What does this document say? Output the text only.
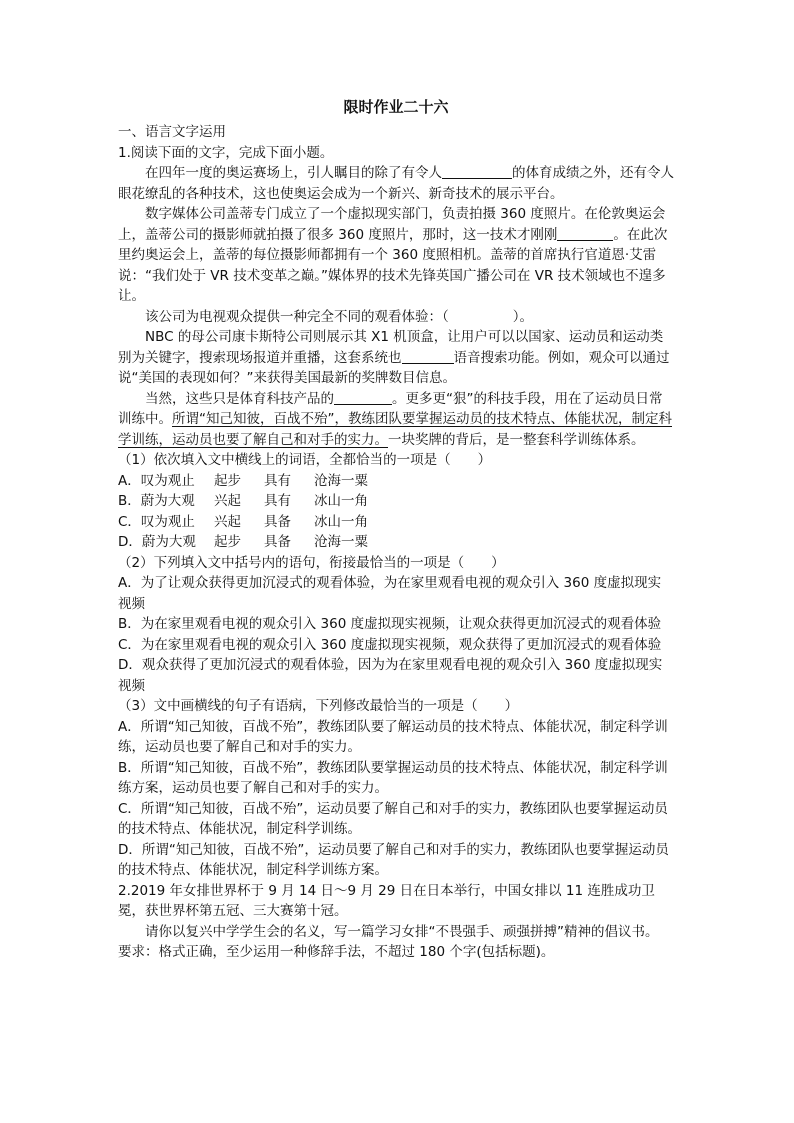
限时作业二十六
一、语言文字运用
1.阅读下面的文字，完成下面小题。

在四年一度的奥运赛场上，引人瞩目的除了有令人	的体育成绩之外，还有令人眼花缭乱的各种技术，这也使奥运会成为一个新兴、新奇技术的展示平台。

数字媒体公司盖蒂专门成立了一个虚拟现实部门，负责拍摄 360 度照片。在伦敦奥运会上，盖蒂公司的摄影师就拍摄了很多 360 度照片，那时，这一技术才刚刚	。在此次里约奥运会上，盖蒂的每位摄影师都拥有一个 360 度照相机。盖蒂的首席执行官道恩·艾雷说：“我们处于 VR 技术变革之巅。”媒体界的技术先锋英国广播公司在 VR 技术领域也不遑多让。

该公司为电视观众提供一种完全不同的观看体验：（	）。

NBC 的母公司康卡斯特公司则展示其 X1 机顶盒，让用户可以以国家、运动员和运动类别为关键字，搜索现场报道并重播，这套系统也	语音搜索功能。例如，观众可以通过说“美国的表现如何？”来获得美国最新的奖牌数目信息。

当然，这些只是体育科技产品的	。更多更“狠”的科技手段，用在了运动员日常训练中。所谓“知己知彼，百战不殆”，教练团队要掌握运动员的技术特点、体能状况，制定科学训练，运动员也要了解自己和对手的实力。一块奖牌的背后，是一整套科学训练体系。

（1）依次填入文中横线上的词语，全都恰当的一项是（　　）
A．叹为观止 起步 具有 沧海一粟
B．蔚为大观 兴起 具有 冰山一角
C．叹为观止 兴起 具备 冰山一角
D．蔚为大观 起步 具备 沧海一粟
（2）下列填入文中括号内的语句，衔接最恰当的一项是（　　）

A．为了让观众获得更加沉浸式的观看体验，为在家里观看电视的观众引入 360 度虚拟现实视频

B．为在家里观看电视的观众引入 360 度虚拟现实视频，让观众获得更加沉浸式的观看体验

C．为在家里观看电视的观众引入 360 度虚拟现实视频，观众获得了更加沉浸式的观看体验

D．观众获得了更加沉浸式的观看体验，因为为在家里观看电视的观众引入 360 度虚拟现实视频

（3）文中画横线的句子有语病，下列修改最恰当的一项是（　　）

A．所谓“知己知彼，百战不殆”，教练团队要了解运动员的技术特点、体能状况，制定科学训练，运动员也要了解自己和对手的实力。

B．所谓“知己知彼，百战不殆”，教练团队要掌握运动员的技术特点、体能状况，制定科学训练方案，运动员也要了解自己和对手的实力。

C．所谓“知己知彼，百战不殆”，运动员要了解自己和对手的实力，教练团队也要掌握运动员的技术特点、体能状况，制定科学训练。

D．所谓“知己知彼，百战不殆”，运动员要了解自己和对手的实力，教练团队也要掌握运动员的技术特点、体能状况，制定科学训练方案。

2.2019 年女排世界杯于 9 月 14 日～9 月 29 日在日本举行，中国女排以 11 连胜成功卫冕，获世界杯第五冠、三大赛第十冠。

请你以复兴中学学生会的名义，写一篇学习女排“不畏强手、顽强拼搏”精神的倡议书。

要求：格式正确，至少运用一种修辞手法，不超过 180 个字(包括标题)。
